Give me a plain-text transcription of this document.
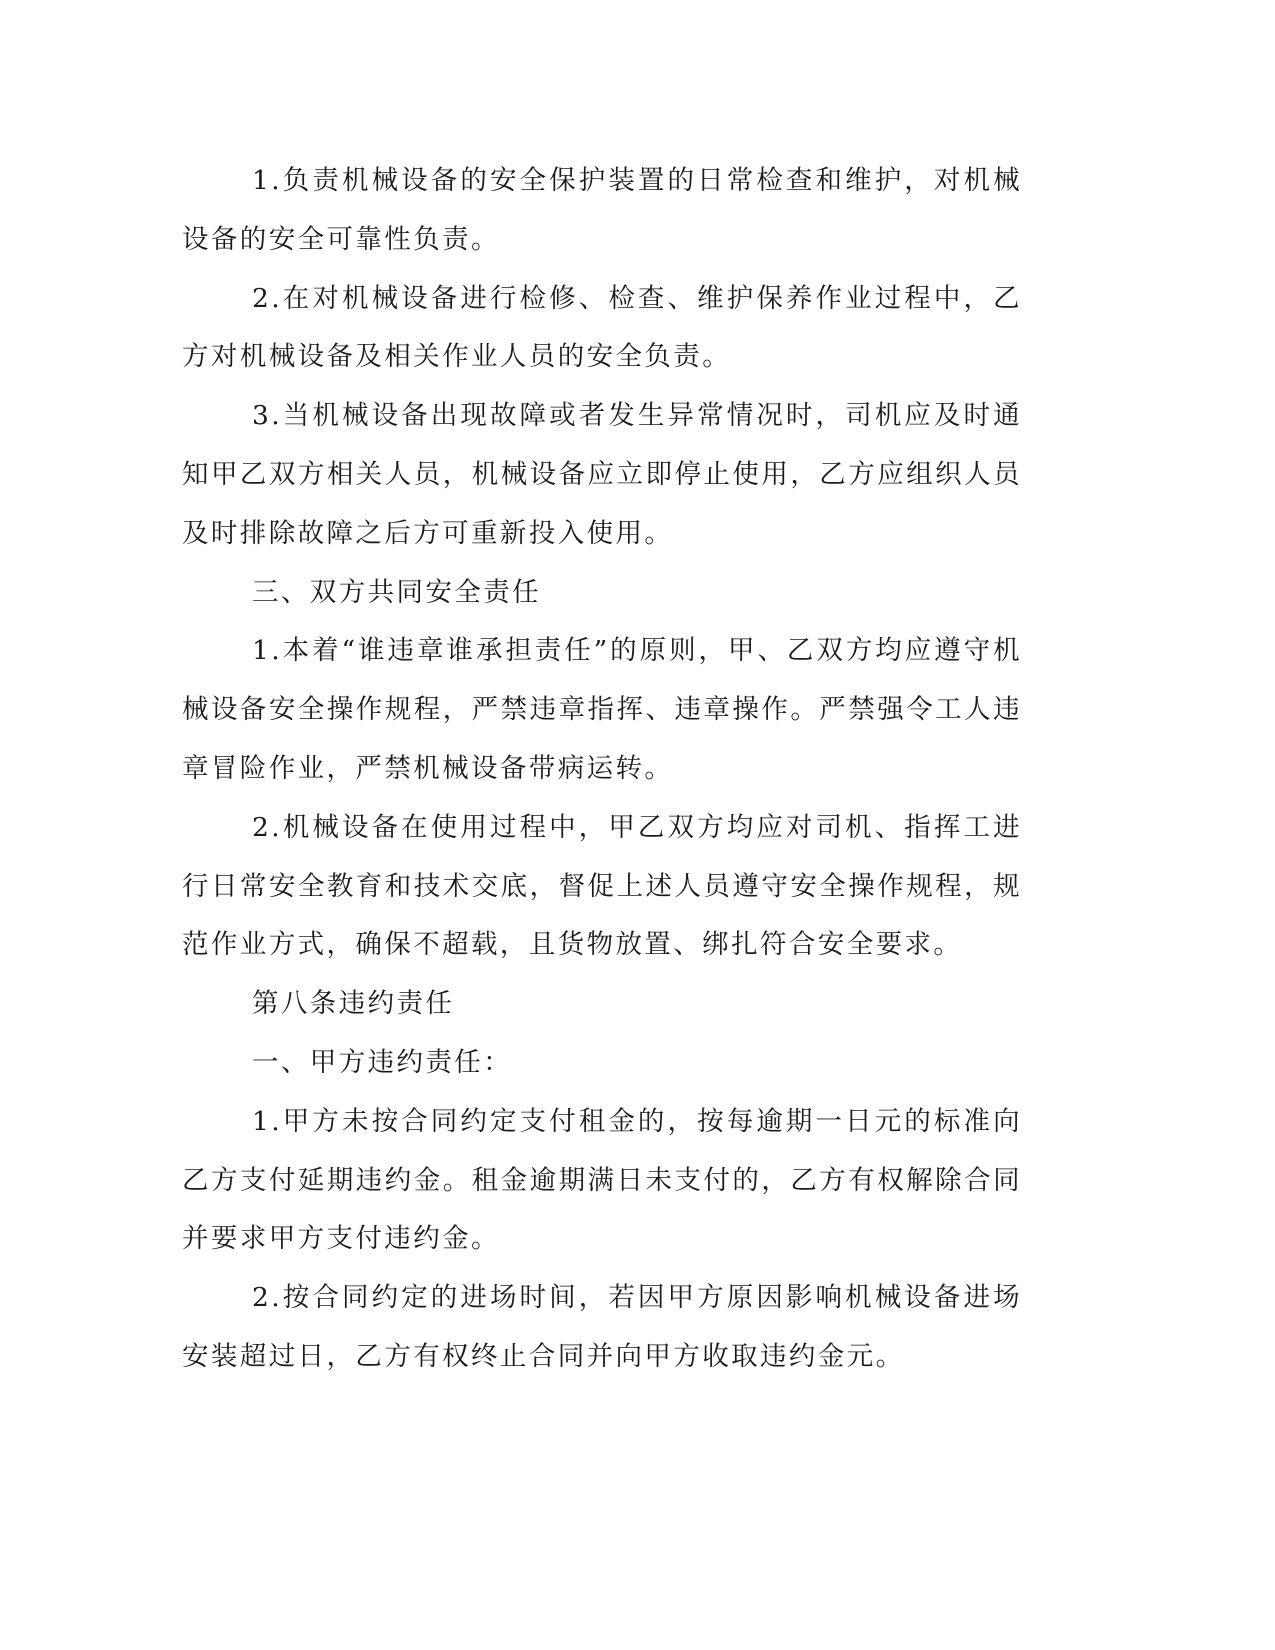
1.负责机械设备的安全保护装置的日常检查和维护，对机械设备的安全可靠性负责。

2.在对机械设备进行检修、检查、维护保养作业过程中，乙方对机械设备及相关作业人员的安全负责。

3.当机械设备出现故障或者发生异常情况时，司机应及时通知甲乙双方相关人员，机械设备应立即停止使用，乙方应组织人员及时排除故障之后方可重新投入使用。

三、双方共同安全责任

1.本着“谁违章谁承担责任”的原则，甲、乙双方均应遵守机械设备安全操作规程，严禁违章指挥、违章操作。严禁强令工人违章冒险作业，严禁机械设备带病运转。

2.机械设备在使用过程中，甲乙双方均应对司机、指挥工进行日常安全教育和技术交底，督促上述人员遵守安全操作规程，规范作业方式，确保不超载，且货物放置、绑扎符合安全要求。

第八条违约责任

一、甲方违约责任：

1.甲方未按合同约定支付租金的，按每逾期一日元的标准向乙方支付延期违约金。租金逾期满日未支付的，乙方有权解除合同并要求甲方支付违约金。

2.按合同约定的进场时间，若因甲方原因影响机械设备进场安装超过日，乙方有权终止合同并向甲方收取违约金元。
